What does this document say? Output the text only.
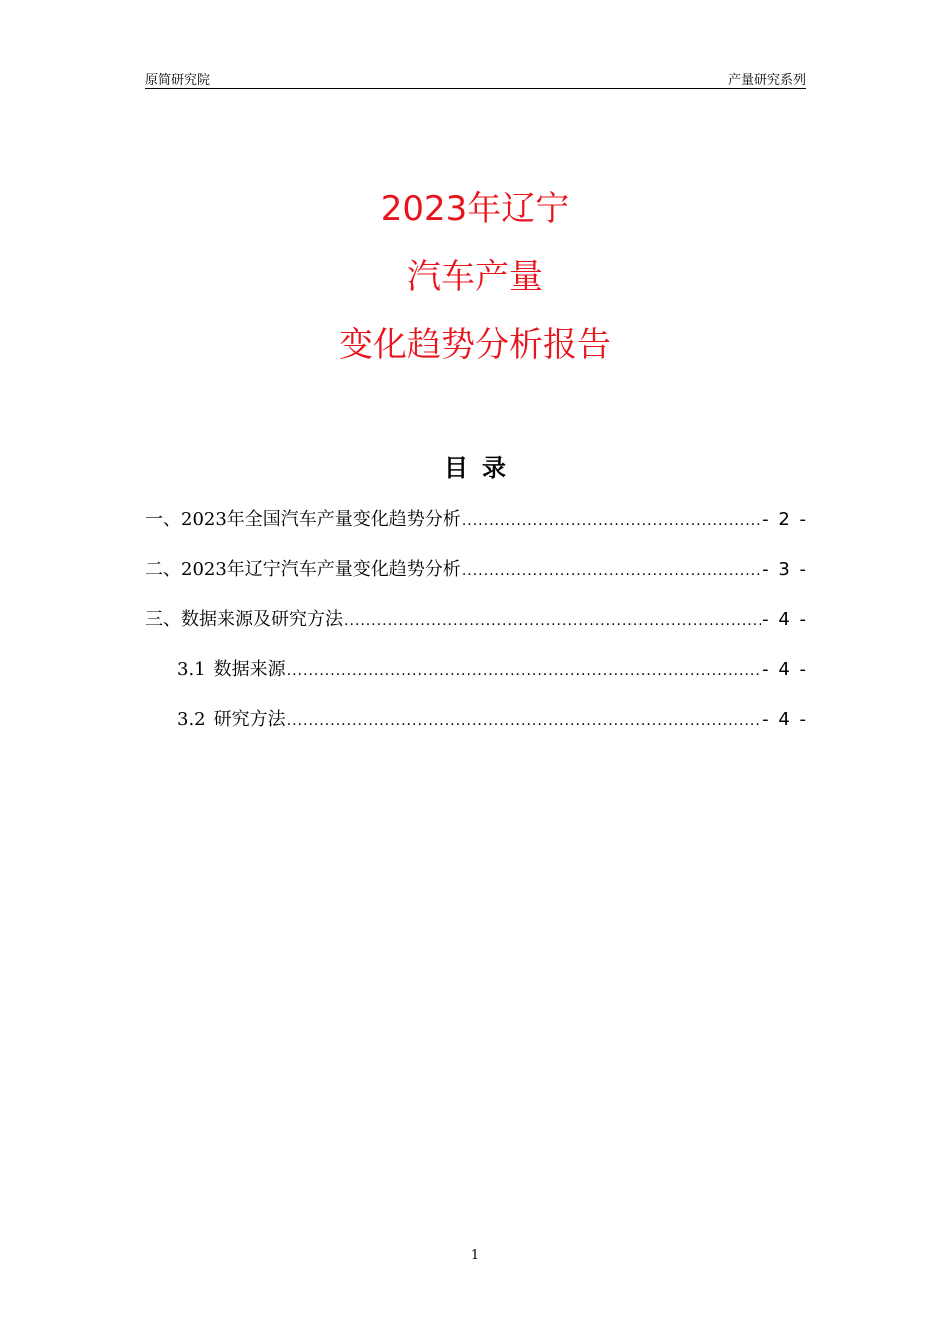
原简研究院	产量研究系列
2023年辽宁
汽车产量
变化趋势分析报告
目录
一、2023年全国汽车产量变化趋势分析 .....	- 2 -
二、2023年辽宁汽车产量变化趋势分析 .....	- 3 -
三、数据来源及研究方法 .....	- 4 -
3.1 数据来源 .....	- 4 -
3.2 研究方法 .....	- 4 -
1
